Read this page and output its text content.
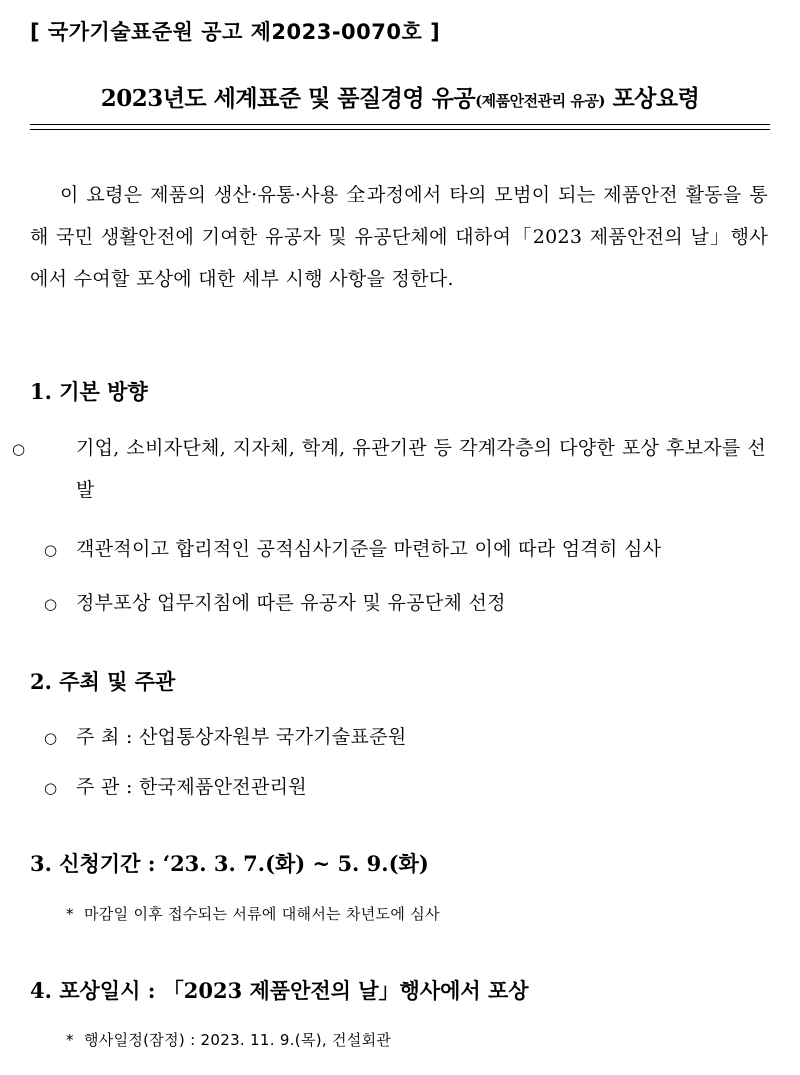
[ 국가기술표준원 공고 제2023-0070호 ]
2023년도 세계표준 및 품질경영 유공(제품안전관리 유공) 포상요령
이 요령은 제품의 생산·유통·사용 全과정에서 타의 모범이 되는 제품안전 활동을 통해 국민 생활안전에 기여한 유공자 및 유공단체에 대하여「2023 제품안전의 날」행사에서 수여할 포상에 대한 세부 시행 사항을 정한다.
1. 기본 방향
○	기업, 소비자단체, 지자체, 학계, 유관기관 등 각계각층의 다양한 포상 후보자를 선발
○ 객관적이고 합리적인 공적심사기준을 마련하고 이에 따라 엄격히 심사
○ 정부포상 업무지침에 따른 유공자 및 유공단체 선정
2. 주최 및 주관
○ 주 최 : 산업통상자원부 국가기술표준원
○ 주 관 : 한국제품안전관리원
3. 신청기간 : ‘23. 3. 7.(화) ~ 5. 9.(화)
* 마감일 이후 접수되는 서류에 대해서는 차년도에 심사
4. 포상일시 : 「2023 제품안전의 날」행사에서 포상
* 행사일정(잠정) : 2023. 11. 9.(목), 건설회관
